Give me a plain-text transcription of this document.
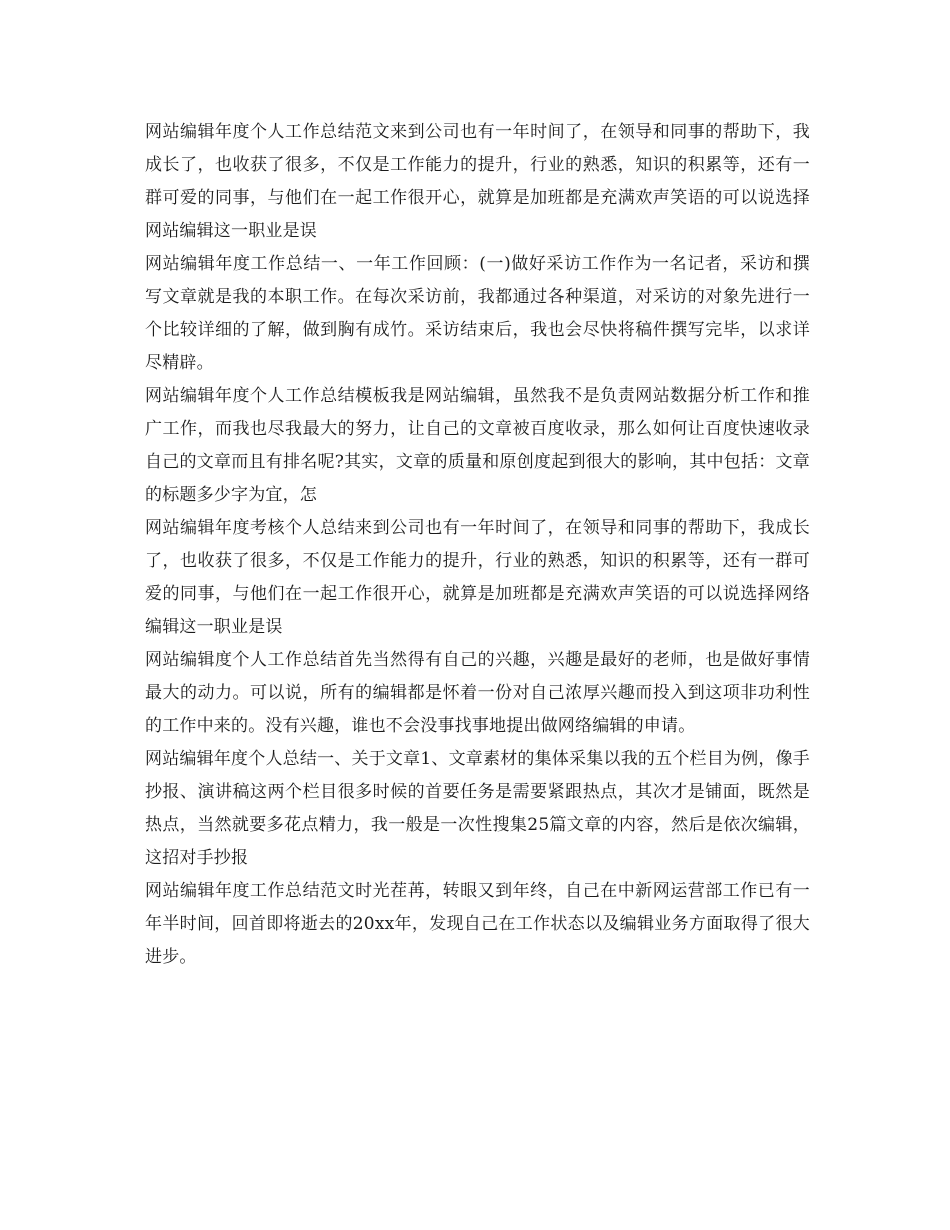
网站编辑年度个人工作总结范文来到公司也有一年时间了，在领导和同事的帮助下，我成长了，也收获了很多，不仅是工作能力的提升，行业的熟悉，知识的积累等，还有一群可爱的同事，与他们在一起工作很开心，就算是加班都是充满欢声笑语的可以说选择网站编辑这一职业是误

网站编辑年度工作总结一、一年工作回顾：(一)做好采访工作作为一名记者，采访和撰写文章就是我的本职工作。在每次采访前，我都通过各种渠道，对采访的对象先进行一个比较详细的了解，做到胸有成竹。采访结束后，我也会尽快将稿件撰写完毕，以求详尽精辟。

网站编辑年度个人工作总结模板我是网站编辑，虽然我不是负责网站数据分析工作和推广工作，而我也尽我最大的努力，让自己的文章被百度收录，那么如何让百度快速收录自己的文章而且有排名呢?其实，文章的质量和原创度起到很大的影响，其中包括：文章的标题多少字为宜，怎

网站编辑年度考核个人总结来到公司也有一年时间了，在领导和同事的帮助下，我成长了，也收获了很多，不仅是工作能力的提升，行业的熟悉，知识的积累等，还有一群可爱的同事，与他们在一起工作很开心，就算是加班都是充满欢声笑语的可以说选择网络编辑这一职业是误

网站编辑度个人工作总结首先当然得有自己的兴趣，兴趣是最好的老师，也是做好事情最大的动力。可以说，所有的编辑都是怀着一份对自己浓厚兴趣而投入到这项非功利性的工作中来的。没有兴趣，谁也不会没事找事地提出做网络编辑的申请。

网站编辑年度个人总结一、关于文章1、文章素材的集体采集以我的五个栏目为例，像手抄报、演讲稿这两个栏目很多时候的首要任务是需要紧跟热点，其次才是铺面，既然是热点，当然就要多花点精力，我一般是一次性搜集25篇文章的内容，然后是依次编辑，这招对手抄报

网站编辑年度工作总结范文时光茬苒，转眼又到年终，自己在中新网运营部工作已有一年半时间，回首即将逝去的20xx年，发现自己在工作状态以及编辑业务方面取得了很大进步。
